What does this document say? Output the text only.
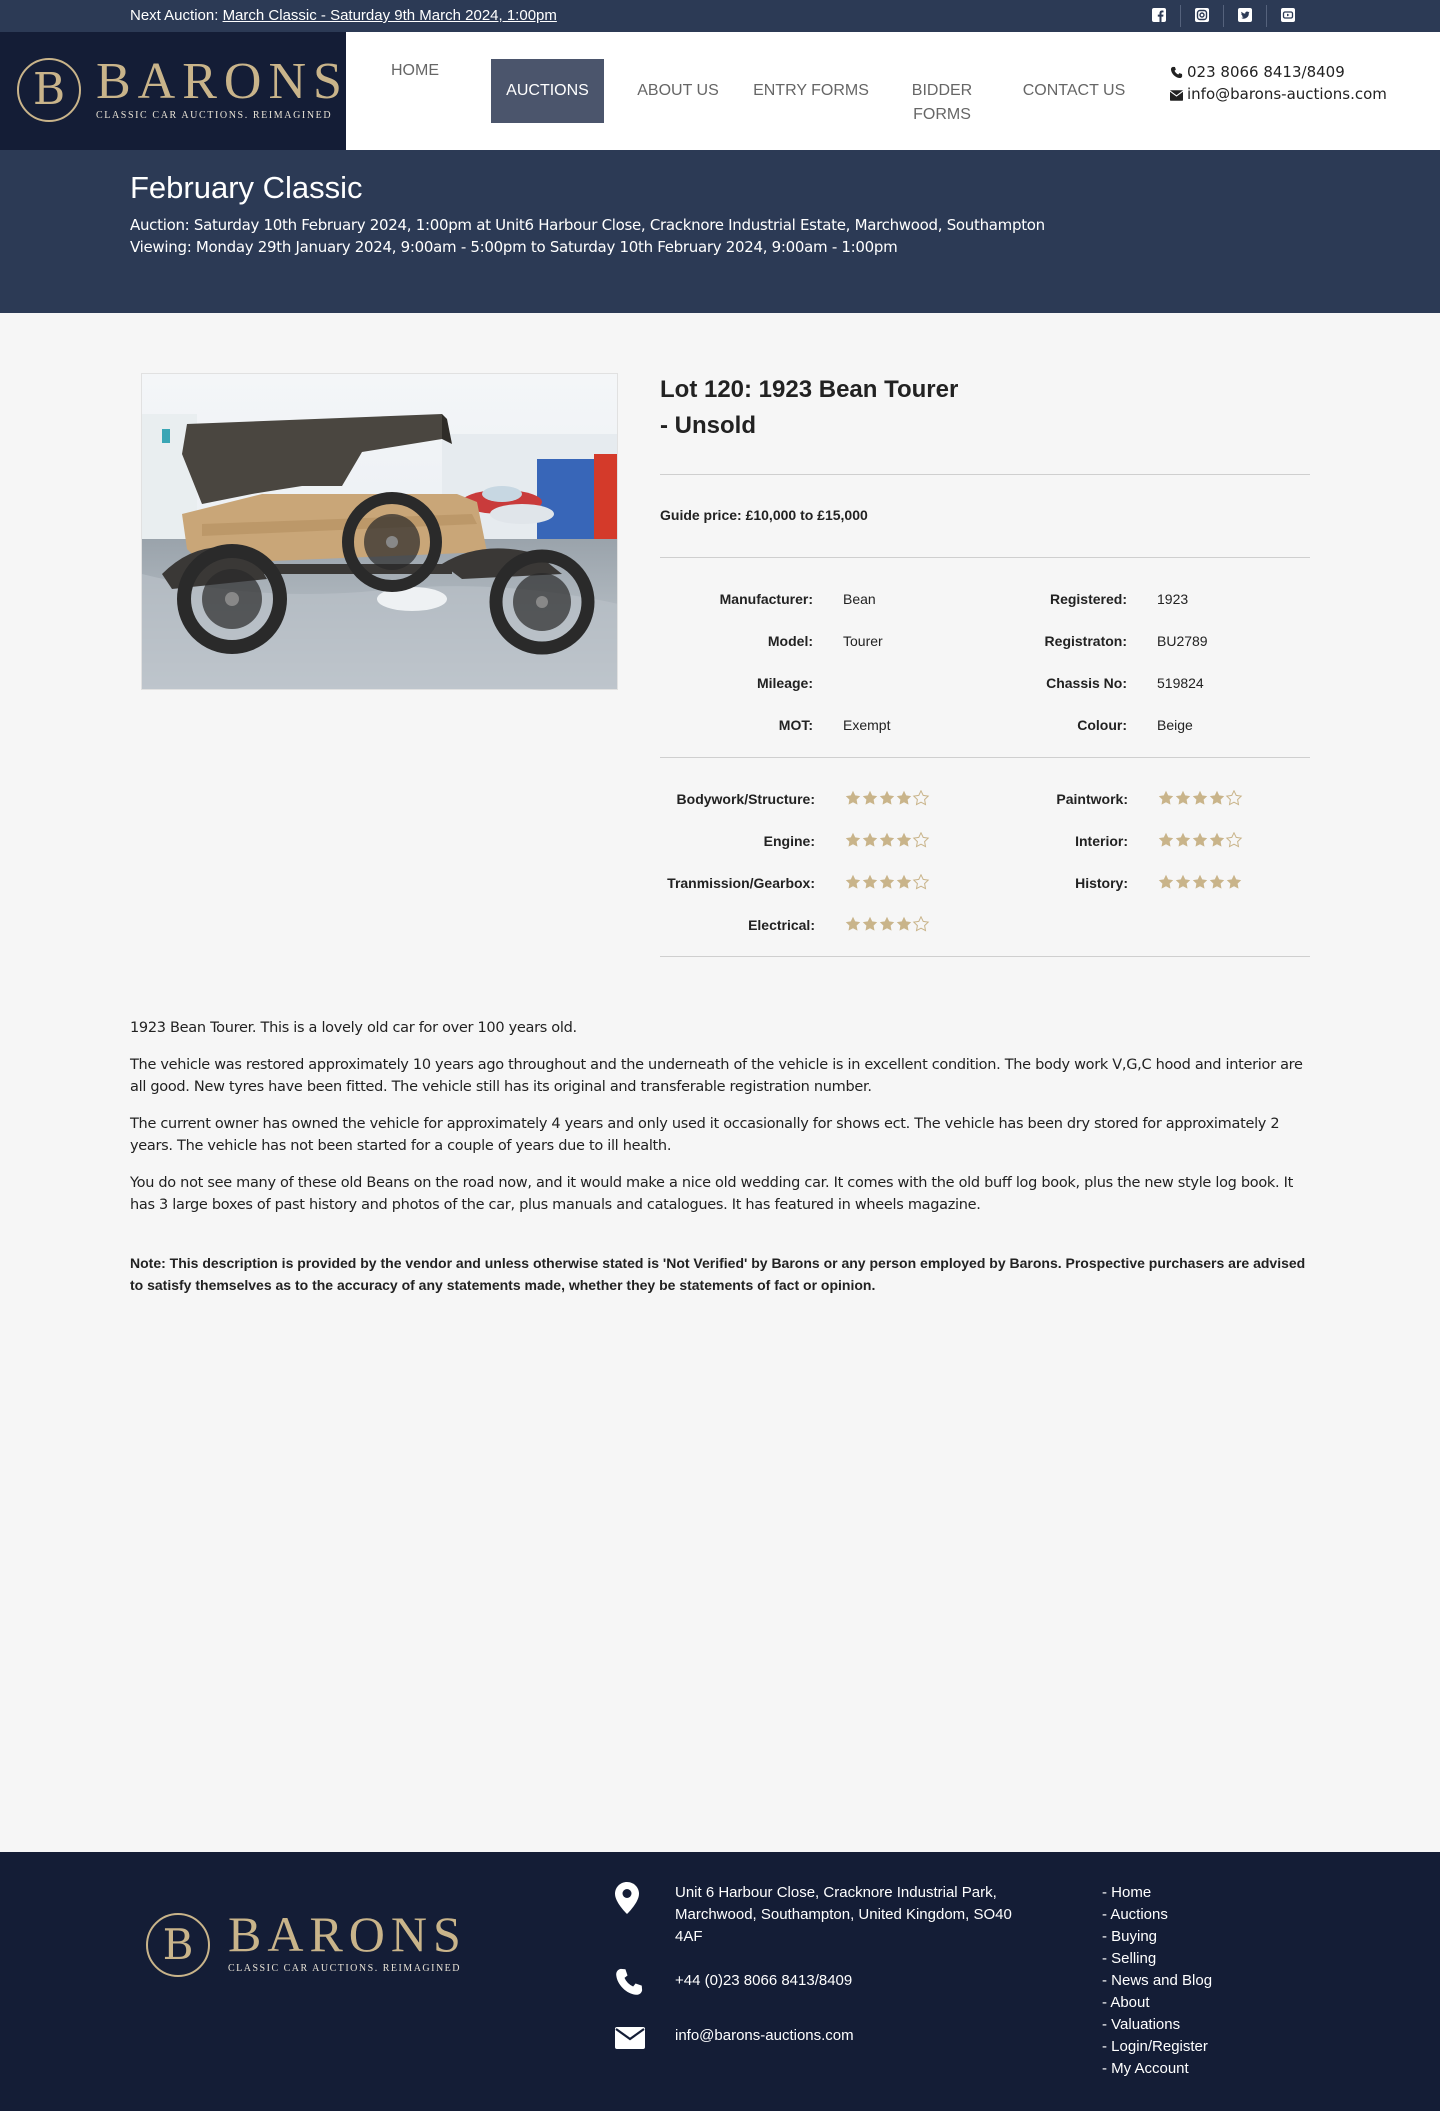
Next Auction: March Classic - Saturday 9th March 2024, 1:00pm
B BARONS
CLASSIC CAR AUCTIONS. REIMAGINED
HOME
AUCTIONS	ABOUT US	ENTRY FORMS	BIDDER FORMS
CONTACT US
023 8066 8413/8409
info@barons-auctions.com
February Classic
Auction: Saturday 10th February 2024, 1:00pm at Unit6 Harbour Close, Cracknore Industrial Estate, Marchwood, Southampton
Viewing: Monday 29th January 2024, 9:00am - 5:00pm to Saturday 10th February 2024, 9:00am - 1:00pm
Lot 120: 1923 Bean Tourer
- Unsold
Guide price: £10,000 to £15,000
Manufacturer: Bean
Model: Tourer
Mileage:
MOT: Exempt
Registered: 1923
Registraton: BU2789
Chassis No: 519824
Colour: Beige
Bodywork/Structure:
Engine:
Tranmission/Gearbox:
Electrical:
Paintwork:
Interior:
History:
1923 Bean Tourer. This is a lovely old car for over 100 years old.
The vehicle was restored approximately 10 years ago throughout and the underneath of the vehicle is in excellent condition. The body work V,G,C hood and interior are all good. New tyres have been fitted. The vehicle still has its original and transferable registration number.
The current owner has owned the vehicle for approximately 4 years and only used it occasionally for shows ect. The vehicle has been dry stored for approximately 2 years. The vehicle has not been started for a couple of years due to ill health.
You do not see many of these old Beans on the road now, and it would make a nice old wedding car. It comes with the old buff log book, plus the new style log book. It has 3 large boxes of past history and photos of the car, plus manuals and catalogues. It has featured in wheels magazine.
Note: This description is provided by the vendor and unless otherwise stated is 'Not Verified' by Barons or any person employed by Barons. Prospective purchasers are advised to satisfy themselves as to the accuracy of any statements made, whether they be statements of fact or opinion.
B BARONS
CLASSIC CAR AUCTIONS. REIMAGINED
Unit 6 Harbour Close, Cracknore Industrial Park, Marchwood, Southampton, United Kingdom, SO40 4AF
+44 (0)23 8066 8413/8409
info@barons-auctions.com
- Home
- Auctions
- Buying
- Selling
- News and Blog
- About
- Valuations
- Login/Register
- My Account
